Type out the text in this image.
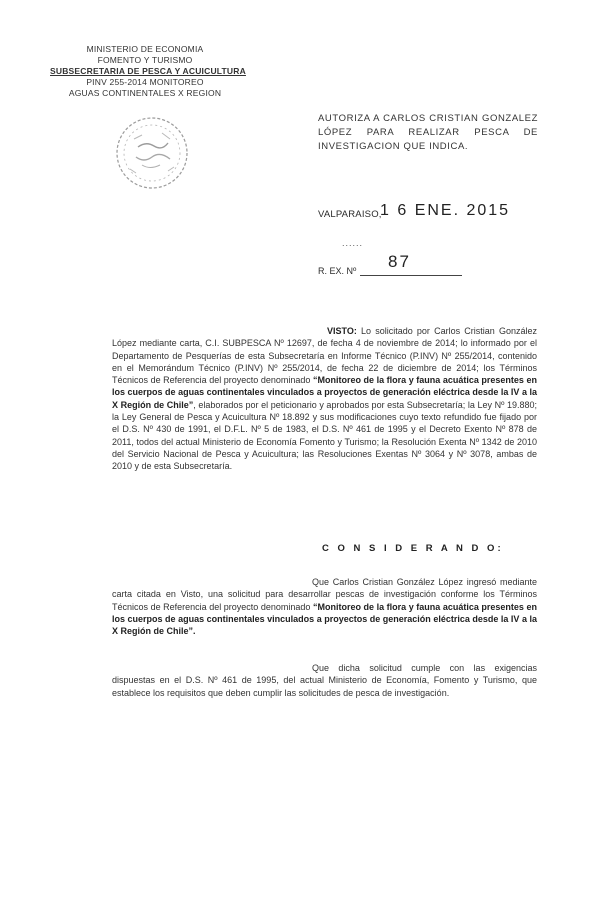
MINISTERIO DE ECONOMIA
FOMENTO Y TURISMO
SUBSECRETARIA DE PESCA Y ACUICULTURA
PINV 255-2014 MONITOREO
AGUAS CONTINENTALES X REGION
AUTORIZA A CARLOS CRISTIAN GONZALEZ
LÓPEZ PARA REALIZAR PESCA DE
INVESTIGACION QUE INDICA.
VALPARAISO,
1 6 ENE. 2015
......
R. EX. Nº 87
VISTO: Lo solicitado por Carlos Cristian González López mediante carta, C.I. SUBPESCA Nº 12697, de fecha 4 de noviembre de 2014; lo informado por el Departamento de Pesquerías de esta Subsecretaría en Informe Técnico (P.INV) Nº 255/2014, contenido en el Memorándum Técnico (P.INV) Nº 255/2014, de fecha 22 de diciembre de 2014; los Términos Técnicos de Referencia del proyecto denominado “Monitoreo de la flora y fauna acuática presentes en los cuerpos de aguas continentales vinculados a proyectos de generación eléctrica desde la IV a la X Región de Chile”, elaborados por el peticionario y aprobados por esta Subsecretaría; la Ley Nº 19.880; la Ley General de Pesca y Acuicultura Nº 18.892 y sus modificaciones cuyo texto refundido fue fijado por el D.S. Nº 430 de 1991, el D.F.L. Nº 5 de 1983, el D.S. Nº 461 de 1995 y el Decreto Exento Nº 878 de 2011, todos del actual Ministerio de Economía Fomento y Turismo; la Resolución Exenta Nº 1342 de 2010 del Servicio Nacional de Pesca y Acuicultura; las Resoluciones Exentas Nº 3064 y Nº 3078, ambas de 2010 y de esta Subsecretaría.
C O N S I D E R A N D O:
Que Carlos Cristian González López ingresó mediante carta citada en Visto, una solicitud para desarrollar pescas de investigación conforme los Términos Técnicos de Referencia del proyecto denominado “Monitoreo de la flora y fauna acuática presentes en los cuerpos de aguas continentales vinculados a proyectos de generación eléctrica desde la IV a la X Región de Chile”.
Que dicha solicitud cumple con las exigencias dispuestas en el D.S. Nº 461 de 1995, del actual Ministerio de Economía, Fomento y Turismo, que establece los requisitos que deben cumplir las solicitudes de pesca de investigación.
